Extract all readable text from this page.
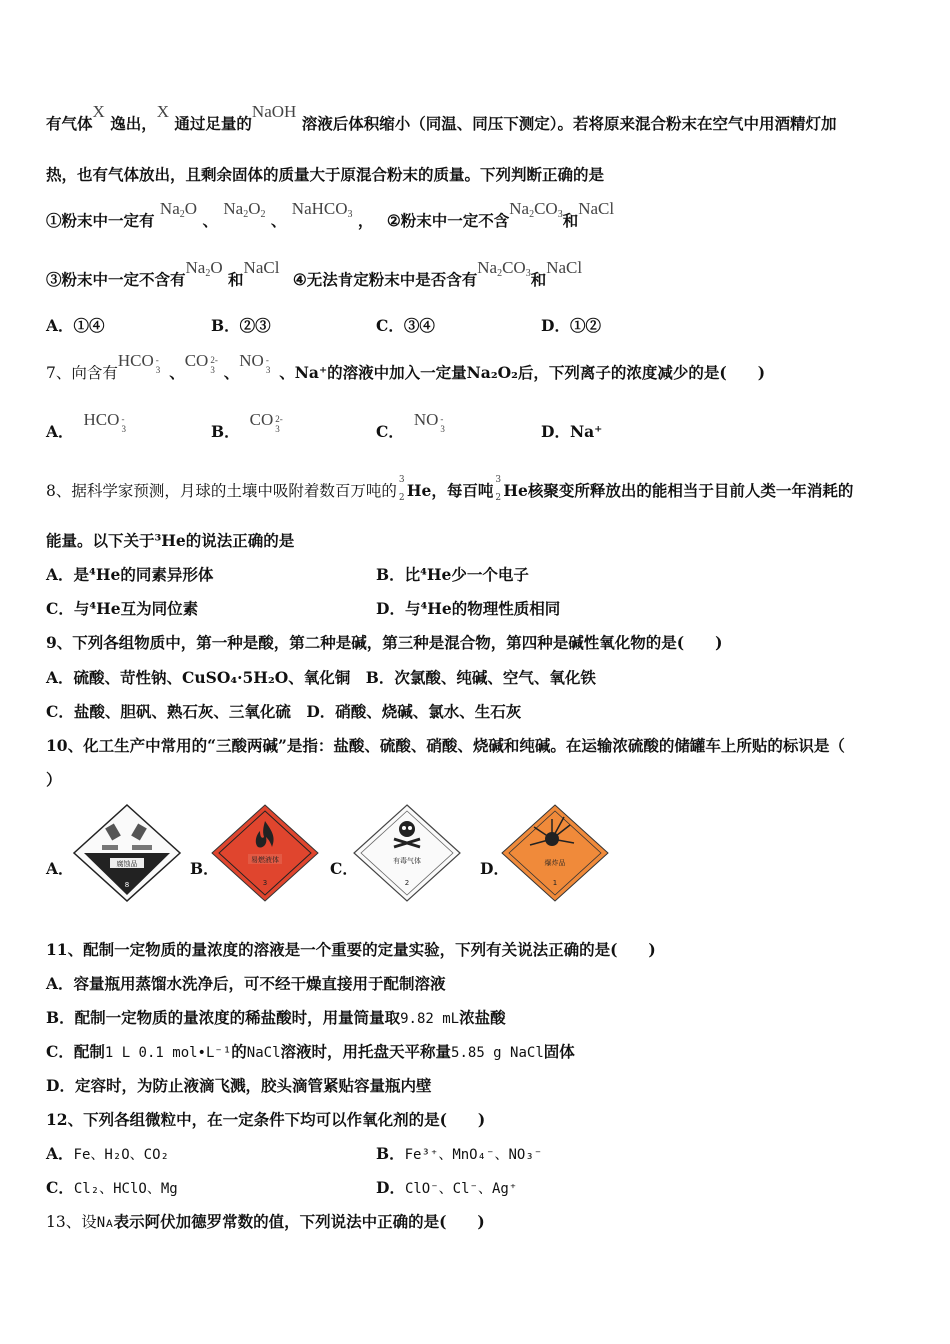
有气体X 逸出，X 通过足量的NaOH 溶液后体积缩小（同温、同压下测定）。若将原来混合粉末在空气中用酒精灯加
热，也有气体放出，且剩余固体的质量大于原混合粉末的质量。下列判断正确的是
①粉末中一定有 $Na_2O$ 、 $Na_2O_2$ 、 NaHCO$_3$ ， ②粉末中一定不含$Na_2CO_3$和NaCl
③粉末中一定不含有$Na_2O$ 和NaCl ④无法肯定粉末中是否含有$Na_2CO_3$和NaCl
A．①④	B．②③	C．③④	D．①②
7、向含有HCO -
3 、CO 2-
3 、NO -
3 、Na⁺的溶液中加入一定量Na₂O₂后，下列离子的浓度减少的是(　　)
A．HCO -
3	B．CO 2-
3	C．NO -
3	D．Na⁺
8、据科学家预测，月球的土壤中吸附着数百万吨的
3
2 He，每百吨
3
2 He核聚变所释放出的能相当于目前人类一年消耗的
能量。以下关于³He的说法正确的是
A．是⁴He的同素异形体	B．比⁴He少一个电子
C．与⁴He互为同位素	D．与⁴He的物理性质相同
9、下列各组物质中，第一种是酸，第二种是碱，第三种是混合物，第四种是碱性氧化物的是(　　)
A．硫酸、苛性钠、CuSO₄·5H₂O、氧化铜　B．次氯酸、纯碱、空气、氧化铁
C．盐酸、胆矾、熟石灰、三氧化硫　D．硝酸、烧碱、氯水、生石灰
10、化工生产中常用的“三酸两碱”是指：盐酸、硫酸、硝酸、烧碱和纯碱。在运输浓硫酸的储罐车上所贴的标识是（
）
A．	腐蚀品
8
B．	易燃液体
3
C．	有毒气体
2
D．	爆炸品
1
11、配制一定物质的量浓度的溶液是一个重要的定量实验，下列有关说法正确的是(　　)
A．容量瓶用蒸馏水洗净后，可不经干燥直接用于配制溶液
B．配制一定物质的量浓度的稀盐酸时，用量筒量取9.82 mL浓盐酸
C．配制1 L 0.1 mol•L⁻¹的NaCl溶液时，用托盘天平称量5.85 g NaCl固体
D．定容时，为防止液滴飞溅，胶头滴管紧贴容量瓶内壁
12、下列各组微粒中，在一定条件下均可以作氧化剂的是(　　)
A．Fe、H₂O、CO₂	B．Fe³⁺、MnO₄⁻、NO₃⁻
C．Cl₂、HClO、Mg	D．ClO⁻、Cl⁻、Ag⁺
13、设Nᴀ表示阿伏加德罗常数的值，下列说法中正确的是(　　)
